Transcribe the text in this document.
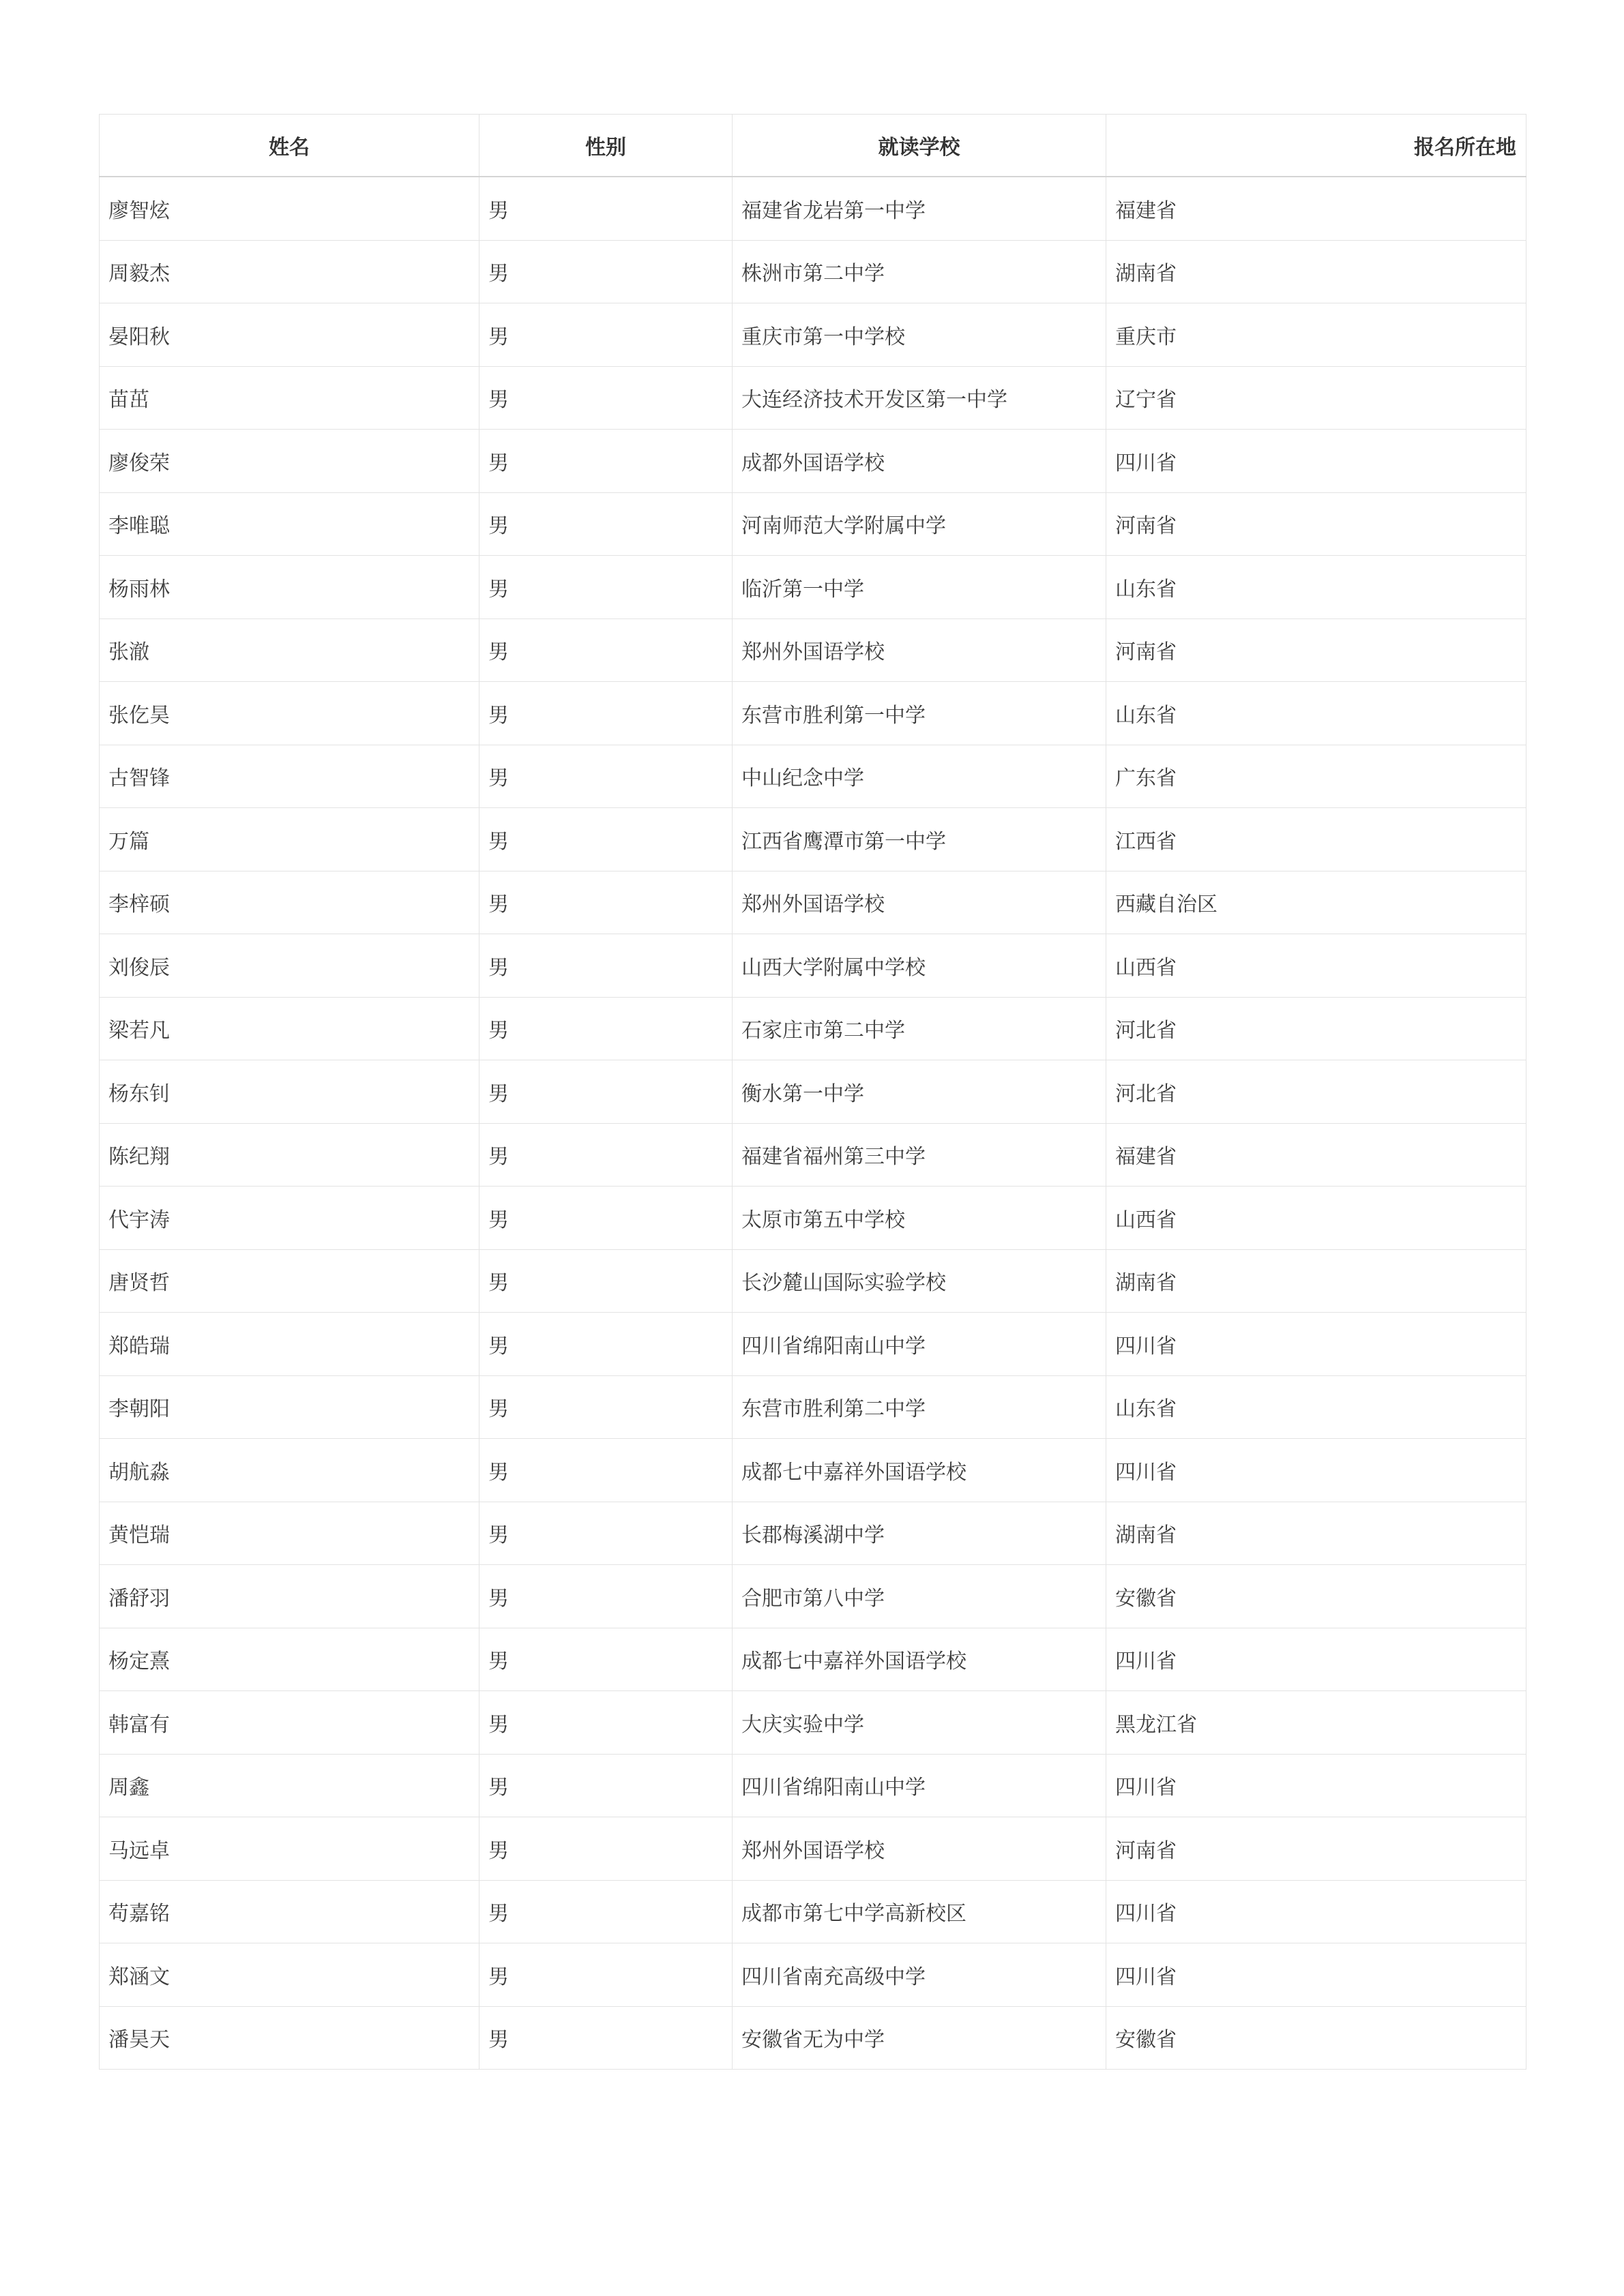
姓名	性别	就读学校	报名所在地
廖智炫	男	福建省龙岩第一中学	福建省
周毅杰	男	株洲市第二中学	湖南省
晏阳秋	男	重庆市第一中学校	重庆市
苗茁	男	大连经济技术开发区第一中学	辽宁省
廖俊荣	男	成都外国语学校	四川省
李唯聪	男	河南师范大学附属中学	河南省
杨雨林	男	临沂第一中学	山东省
张澈	男	郑州外国语学校	河南省
张仡昊	男	东营市胜利第一中学	山东省
古智锋	男	中山纪念中学	广东省
万篇	男	江西省鹰潭市第一中学	江西省
李梓硕	男	郑州外国语学校	西藏自治区
刘俊辰	男	山西大学附属中学校	山西省
梁若凡	男	石家庄市第二中学	河北省
杨东钊	男	衡水第一中学	河北省
陈纪翔	男	福建省福州第三中学	福建省
代宇涛	男	太原市第五中学校	山西省
唐贤哲	男	长沙麓山国际实验学校	湖南省
郑皓瑞	男	四川省绵阳南山中学	四川省
李朝阳	男	东营市胜利第二中学	山东省
胡航淼	男	成都七中嘉祥外国语学校	四川省
黄恺瑞	男	长郡梅溪湖中学	湖南省
潘舒羽	男	合肥市第八中学	安徽省
杨定熹	男	成都七中嘉祥外国语学校	四川省
韩富有	男	大庆实验中学	黑龙江省
周鑫	男	四川省绵阳南山中学	四川省
马远卓	男	郑州外国语学校	河南省
苟嘉铭	男	成都市第七中学高新校区	四川省
郑涵文	男	四川省南充高级中学	四川省
潘昊天	男	安徽省无为中学	安徽省
